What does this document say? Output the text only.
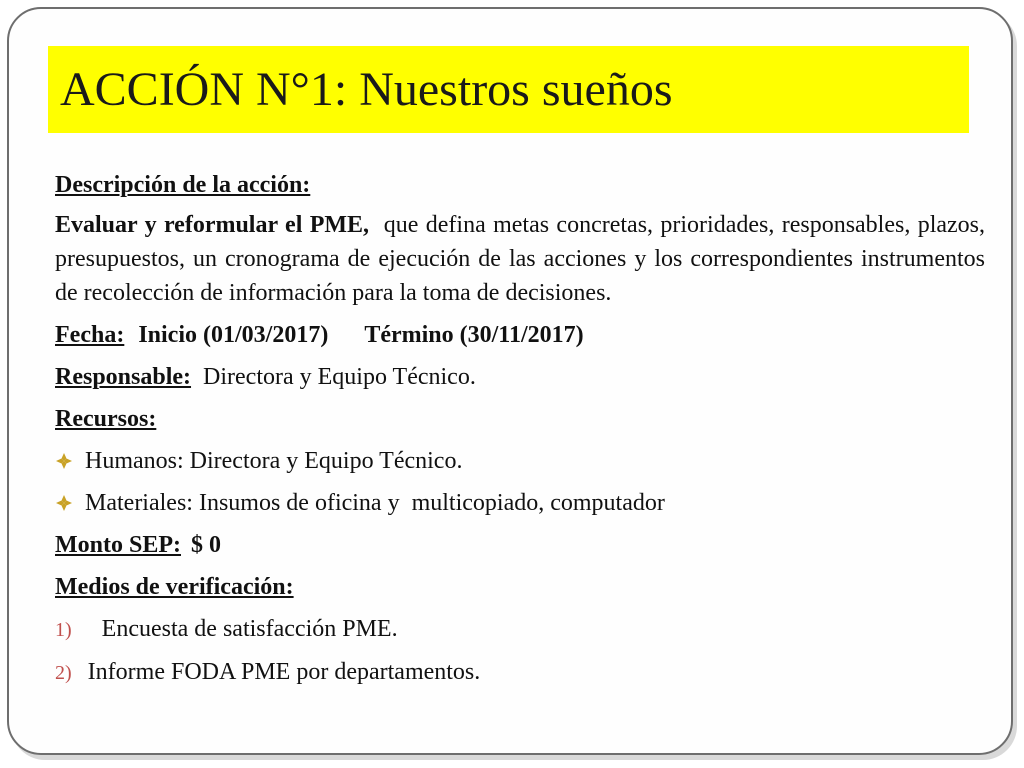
ACCIÓN N°1: Nuestros sueños
Descripción de la acción:
Evaluar y reformular el PME, que defina metas concretas, prioridades, responsables, plazos, presupuestos, un cronograma de ejecución de las acciones y los correspondientes instrumentos de recolección de información para la toma de decisiones.
Fecha: Inicio (01/03/2017) Término (30/11/2017)
Responsable: Directora y Equipo Técnico.
Recursos:
Humanos: Directora y Equipo Técnico.
Materiales: Insumos de oficina y  multicopiado, computador
Monto SEP: $ 0
Medios de verificación:
1) Encuesta de satisfacción PME.
2) Informe FODA PME por departamentos.
